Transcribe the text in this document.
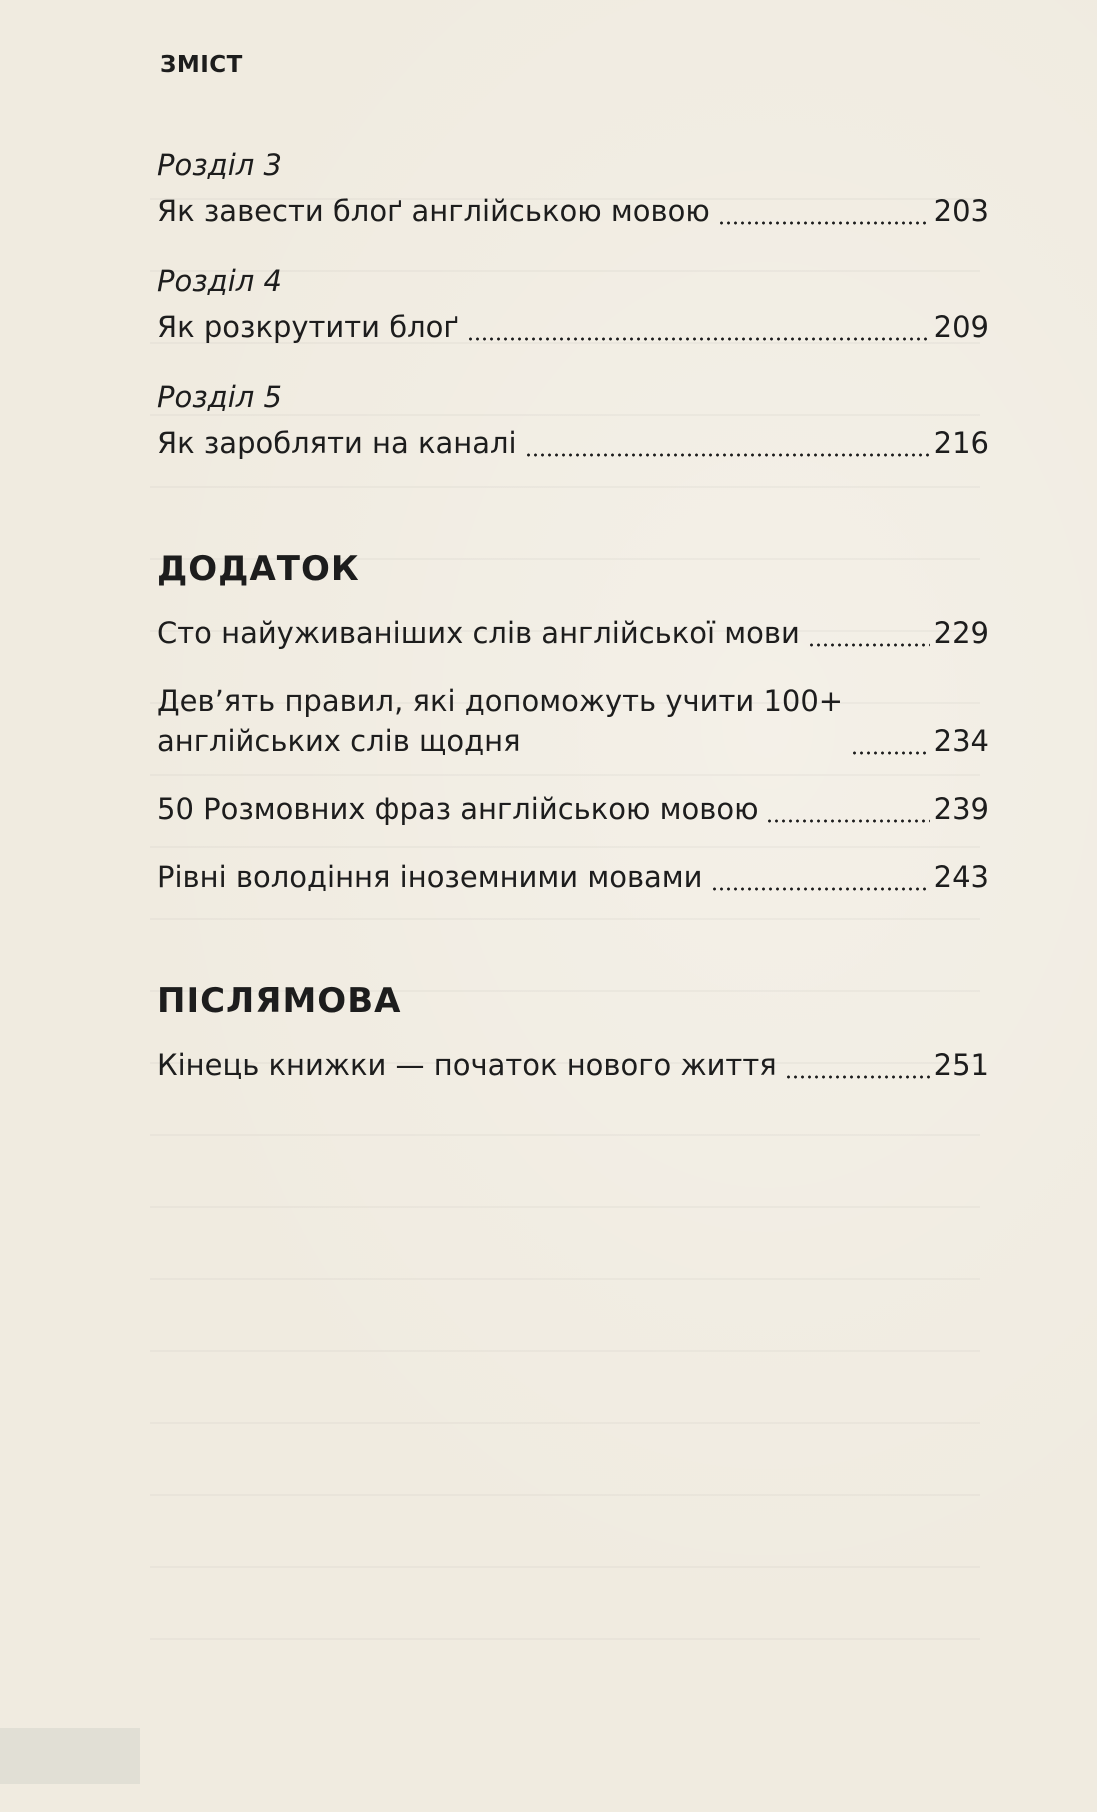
ЗМІСТ
Розділ 3
Як завести блоґ англійською мовою	203
Розділ 4
Як розкрутити блоґ	209
Розділ 5
Як заробляти на каналі	216
ДОДАТОК
Сто найуживаніших слів англійської мови	229
Дев’ять правил, які допоможуть учити 100+
англійських слів щодня	234
50 Розмовних фраз англійською мовою	239
Рівні володіння іноземними мовами	243
ПІСЛЯМОВА
Кінець книжки — початок нового життя	251
